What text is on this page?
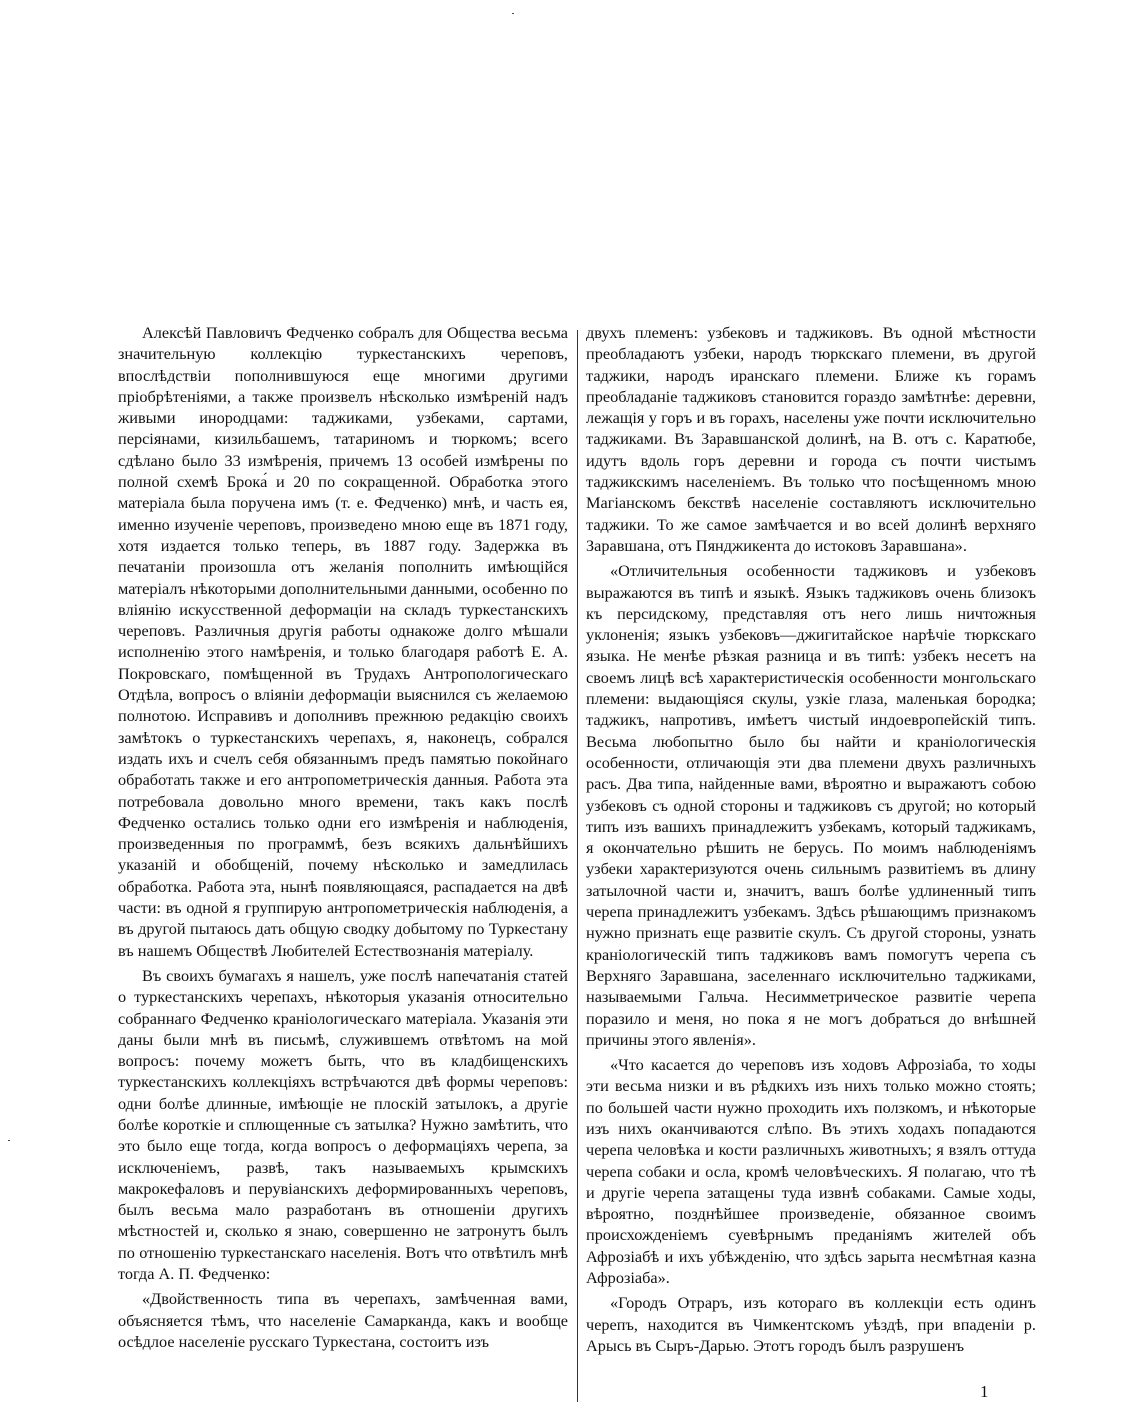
Алексѣй Павловичъ Федченко собралъ для Общества весьма значительную коллекцію туркестанскихъ череповъ, впослѣдствіи пополнившуюся еще многими другими пріобрѣтеніями, а также произвелъ нѣсколько измѣреній надъ живыми инородцами: таджиками, узбеками, сартами, персіянами, кизильбашемъ, татариномъ и тюркомъ; всего сдѣлано было 33 измѣренія, причемъ 13 особей измѣрены по полной схемѣ Брока́ и 20 по сокращенной. Обработка этого матеріала была поручена имъ (т. е. Федченко) мнѣ, и часть ея, именно изученіе череповъ, произведено мною еще въ 1871 году, хотя издается только теперь, въ 1887 году. Задержка въ печатаніи произошла отъ желанія пополнить имѣющійся матеріалъ нѣкоторыми дополнительными данными, особенно по вліянію искусственной деформаціи на складъ туркестанскихъ череповъ. Различныя другія работы однакоже долго мѣшали исполненію этого намѣренія, и только благодаря работѣ Е. А. Покровскаго, помѣщенной въ Трудахъ Антропологическаго Отдѣла, вопросъ о вліяніи деформаціи выяснился съ желаемою полнотою. Исправивъ и дополнивъ прежнюю редакцію своихъ замѣтокъ о туркестанскихъ черепахъ, я, наконецъ, собрался издать ихъ и счелъ себя обязаннымъ предъ памятью покойнаго обработать также и его антропометрическія данныя. Работа эта потребовала довольно много времени, такъ какъ послѣ Федченко остались только одни его измѣренія и наблюденія, произведенныя по программѣ, безъ всякихъ дальнѣйшихъ указаній и обобщеній, почему нѣсколько и замедлилась обработка. Работа эта, нынѣ появляющаяся, распадается на двѣ части: въ одной я группирую антропометрическія наблюденія, а въ другой пытаюсь дать общую сводку добытому по Туркестану въ нашемъ Обществѣ Любителей Естествознанія матеріалу.

Въ своихъ бумагахъ я нашелъ, уже послѣ напечатанія статей о туркестанскихъ черепахъ, нѣкоторыя указанія относительно собраннаго Федченко краніологическаго матеріала. Указанія эти даны были мнѣ въ письмѣ, служившемъ отвѣтомъ на мой вопросъ: почему можетъ быть, что въ кладбищенскихъ туркестанскихъ коллекціяхъ встрѣчаются двѣ формы череповъ: одни болѣе длинные, имѣющіе не плоскій затылокъ, а другіе болѣе короткіе и сплющенные съ затылка? Нужно замѣтить, что это было еще тогда, когда вопросъ о деформаціяхъ черепа, за исключеніемъ, развѣ, такъ называемыхъ крымскихъ макрокефаловъ и перувіанскихъ деформированныхъ череповъ, былъ весьма мало разработанъ въ отношеніи другихъ мѣстностей и, сколько я знаю, совершенно не затронутъ былъ по отношенію туркестанскаго населенія. Вотъ что отвѣтилъ мнѣ тогда А. П. Федченко:

«Двойственность типа въ черепахъ, замѣченная вами, объясняется тѣмъ, что населеніе Самарканда, какъ и вообще осѣдлое населеніе русскаго Туркестана, состоитъ изъ

двухъ племенъ: узбековъ и таджиковъ. Въ одной мѣстности преобладаютъ узбеки, народъ тюркскаго племени, въ другой таджики, народъ иранскаго племени. Ближе къ горамъ преобладаніе таджиковъ становится гораздо замѣтнѣе: деревни, лежащія у горъ и въ горахъ, населены уже почти исключительно таджиками. Въ Заравшанской долинѣ, на В. отъ с. Каратюбе, идутъ вдоль горъ деревни и города съ почти чистымъ таджикскимъ населеніемъ. Въ только что посѣщенномъ мною Магіанскомъ бекствѣ населеніе составляютъ исключительно таджики. То же самое замѣчается и во всей долинѣ верхняго Заравшана, отъ Пянджикента до истоковъ Заравшана».

«Отличительныя особенности таджиковъ и узбековъ выражаются въ типѣ и языкѣ. Языкъ таджиковъ очень близокъ къ персидскому, представляя отъ него лишь ничтожныя уклоненія; языкъ узбековъ—джигитайское нарѣчіе тюркскаго языка. Не менѣе рѣзкая разница и въ типѣ: узбекъ несетъ на своемъ лицѣ всѣ характеристическія особенности монгольскаго племени: выдающіяся скулы, узкіе глаза, маленькая бородка; таджикъ, напротивъ, имѣетъ чистый индоевропейскій типъ. Весьма любопытно было бы найти и краніологическія особенности, отличающія эти два племени двухъ различныхъ расъ. Два типа, найденные вами, вѣроятно и выражаютъ собою узбековъ съ одной стороны и таджиковъ съ другой; но который типъ изъ вашихъ принадлежитъ узбекамъ, который таджикамъ, я окончательно рѣшить не берусь. По моимъ наблюденіямъ узбеки характеризуются очень сильнымъ развитіемъ въ длину затылочной части и, значитъ, вашъ болѣе удлиненный типъ черепа принадлежитъ узбекамъ. Здѣсь рѣшающимъ признакомъ нужно признать еще развитіе скулъ. Съ другой стороны, узнать краніологическій типъ таджиковъ вамъ помогутъ черепа съ Верхняго Заравшана, заселеннаго исключительно таджиками, называемыми Гальча. Несимметрическое развитіе черепа поразило и меня, но пока я не могъ добраться до внѣшней причины этого явленія».

«Что касается до череповъ изъ ходовъ Афрозіаба, то ходы эти весьма низки и въ рѣдкихъ изъ нихъ только можно стоять; по большей части нужно проходить ихъ ползкомъ, и нѣкоторые изъ нихъ оканчиваются слѣпо. Въ этихъ ходахъ попадаются черепа человѣка и кости различныхъ животныхъ; я взялъ оттуда черепа собаки и осла, кромѣ человѣческихъ. Я полагаю, что тѣ и другіе черепа затащены туда извнѣ собаками. Самые ходы, вѣроятно, позднѣйшее произведеніе, обязанное своимъ происхожденіемъ суевѣрнымъ преданіямъ жителей объ Афрозіабѣ и ихъ убѣжденію, что здѣсь зарыта несмѣтная казна Афрозіаба».

«Городъ Отраръ, изъ котораго въ коллекціи есть одинъ черепъ, находится въ Чимкентскомъ уѣздѣ, при впаденіи р. Арысь въ Сыръ-Дарью. Этотъ городъ былъ разрушенъ

1
